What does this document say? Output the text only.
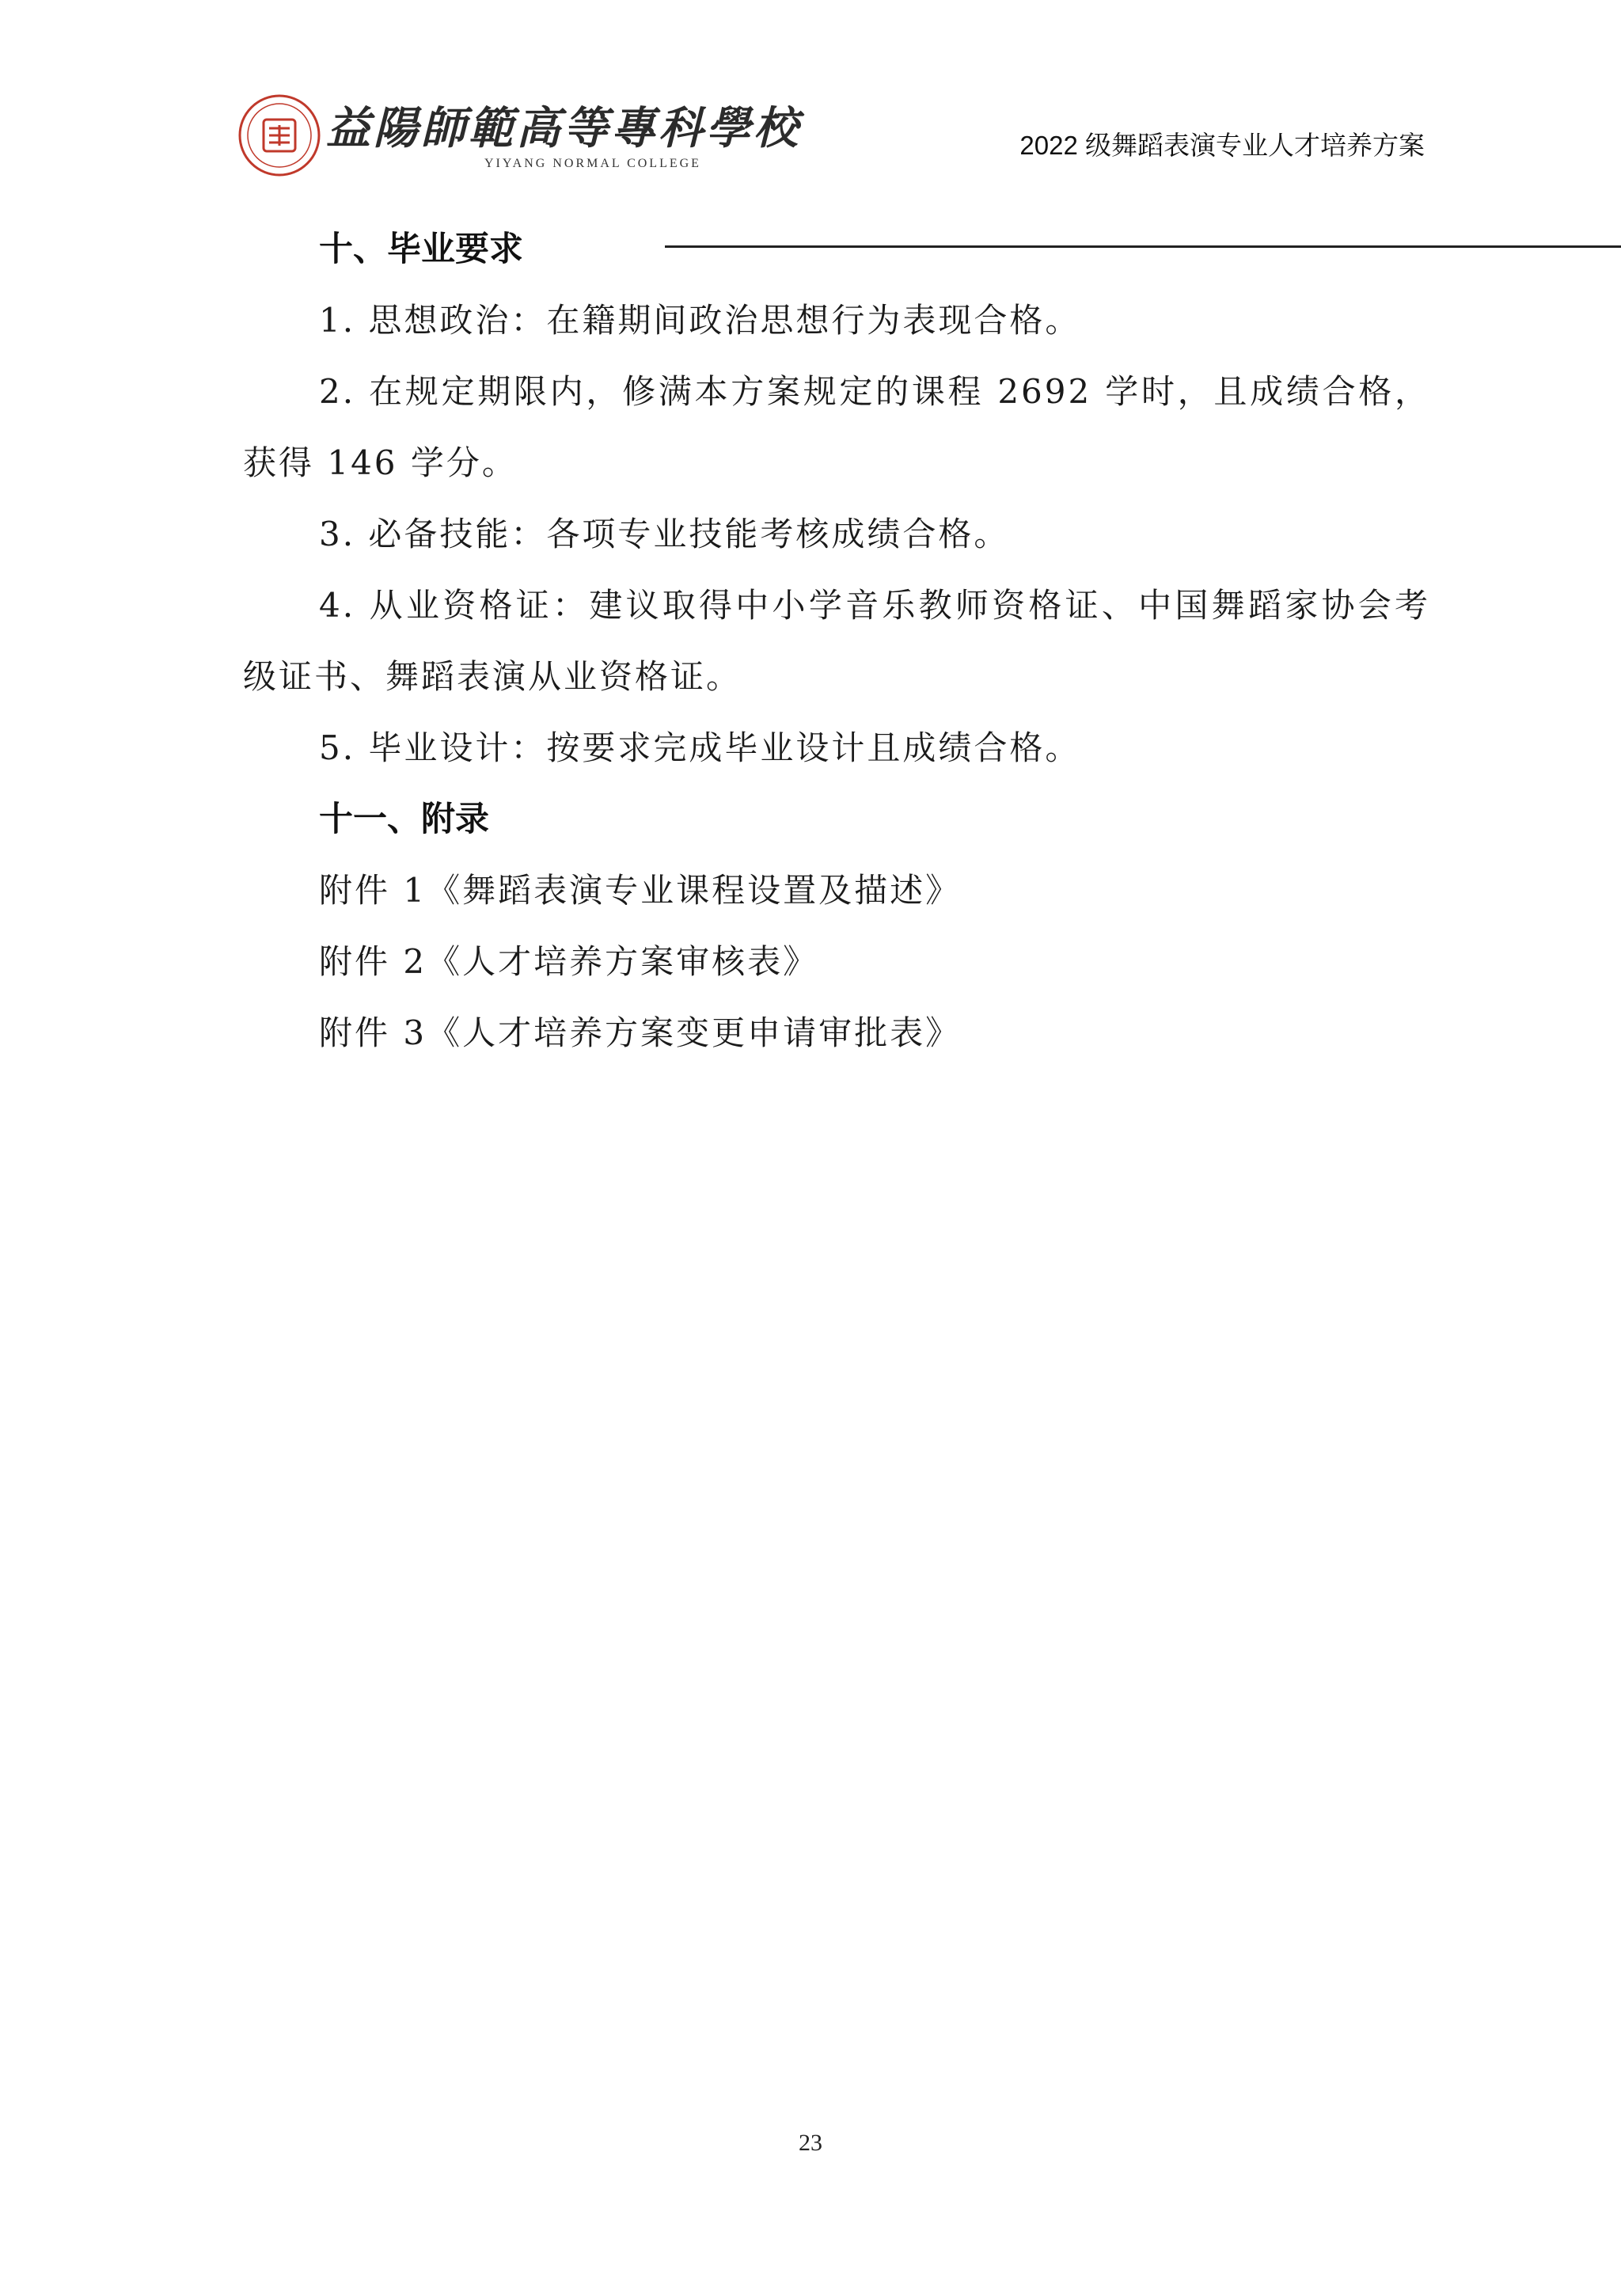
益陽師範高等專科學校
YIYANG NORMAL COLLEGE
2022 级舞蹈表演专业人才培养方案
十、毕业要求

1. 思想政治：在籍期间政治思想行为表现合格。

2. 在规定期限内，修满本方案规定的课程 2692 学时，且成绩合格，获得 146 学分。

3. 必备技能：各项专业技能考核成绩合格。

4. 从业资格证：建议取得中小学音乐教师资格证、中国舞蹈家协会考级证书、舞蹈表演从业资格证。

5. 毕业设计：按要求完成毕业设计且成绩合格。

十一、附录

附件 1《舞蹈表演专业课程设置及描述》

附件 2《人才培养方案审核表》

附件 3《人才培养方案变更申请审批表》

23
